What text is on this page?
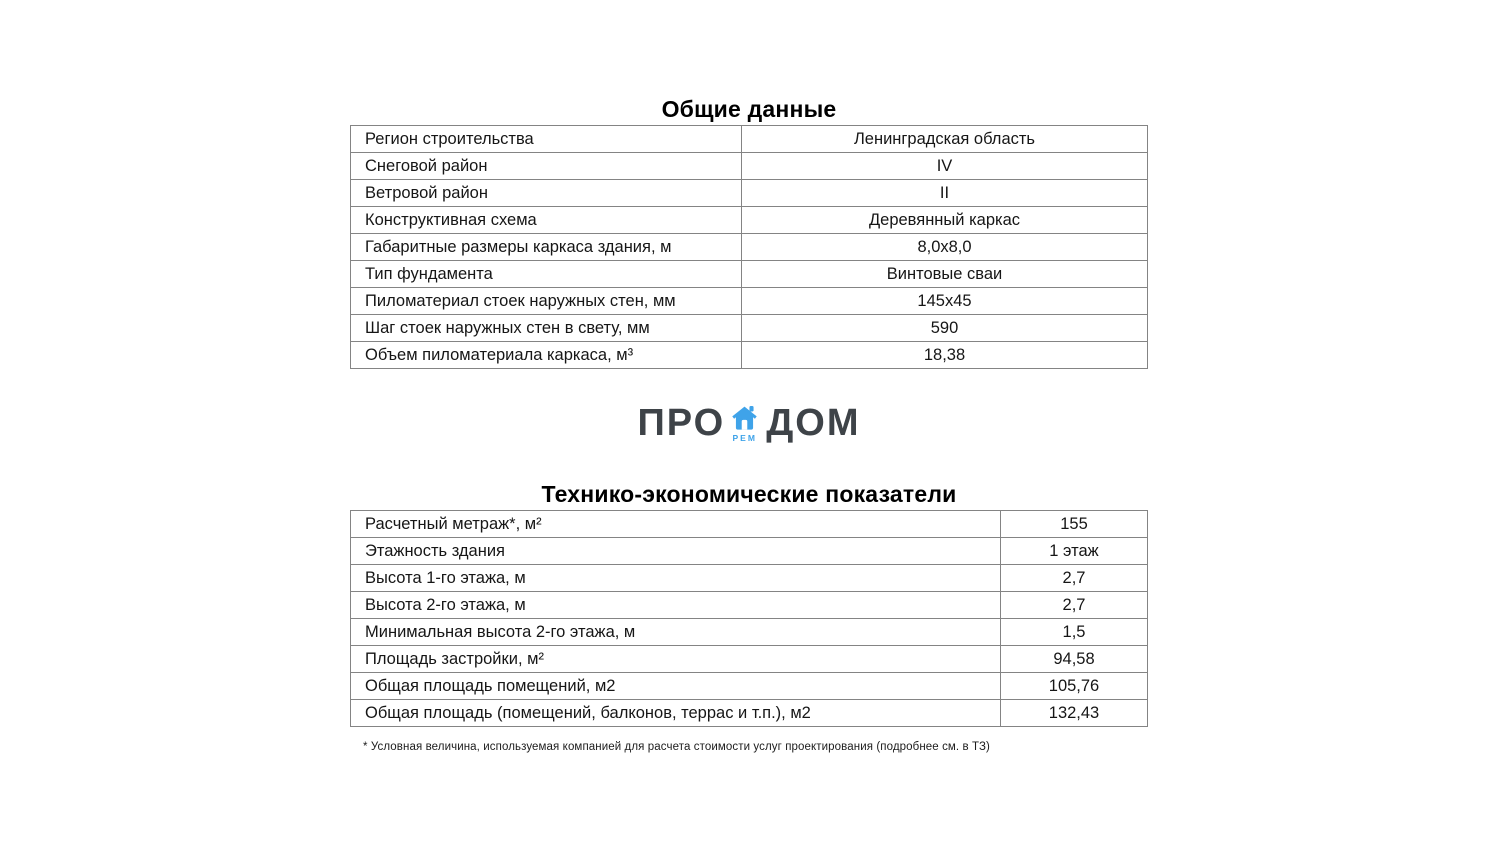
Общие данные
Регион строительства	Ленинградская область
Снеговой район	IV
Ветровой район	II
Конструктивная схема	Деревянный каркас
Габаритные размеры каркаса здания, м	8,0x8,0
Тип фундамента	Винтовые сваи
Пиломатериал стоек наружных стен, мм	145x45
Шаг стоек наружных стен в свету, мм	590
Объем пиломатериала каркаса, м³	18,38
ПРО РЕМ ДОМ
Технико-экономические показатели
Расчетный метраж*, м²	155
Этажность здания	1 этаж
Высота 1-го этажа, м	2,7
Высота 2-го этажа, м	2,7
Минимальная высота 2-го этажа, м	1,5
Площадь застройки, м²	94,58
Общая площадь помещений, м2	105,76
Общая площадь (помещений, балконов, террас и т.п.), м2	132,43
* Условная величина, используемая компанией для расчета стоимости услуг проектирования (подробнее см. в ТЗ)
